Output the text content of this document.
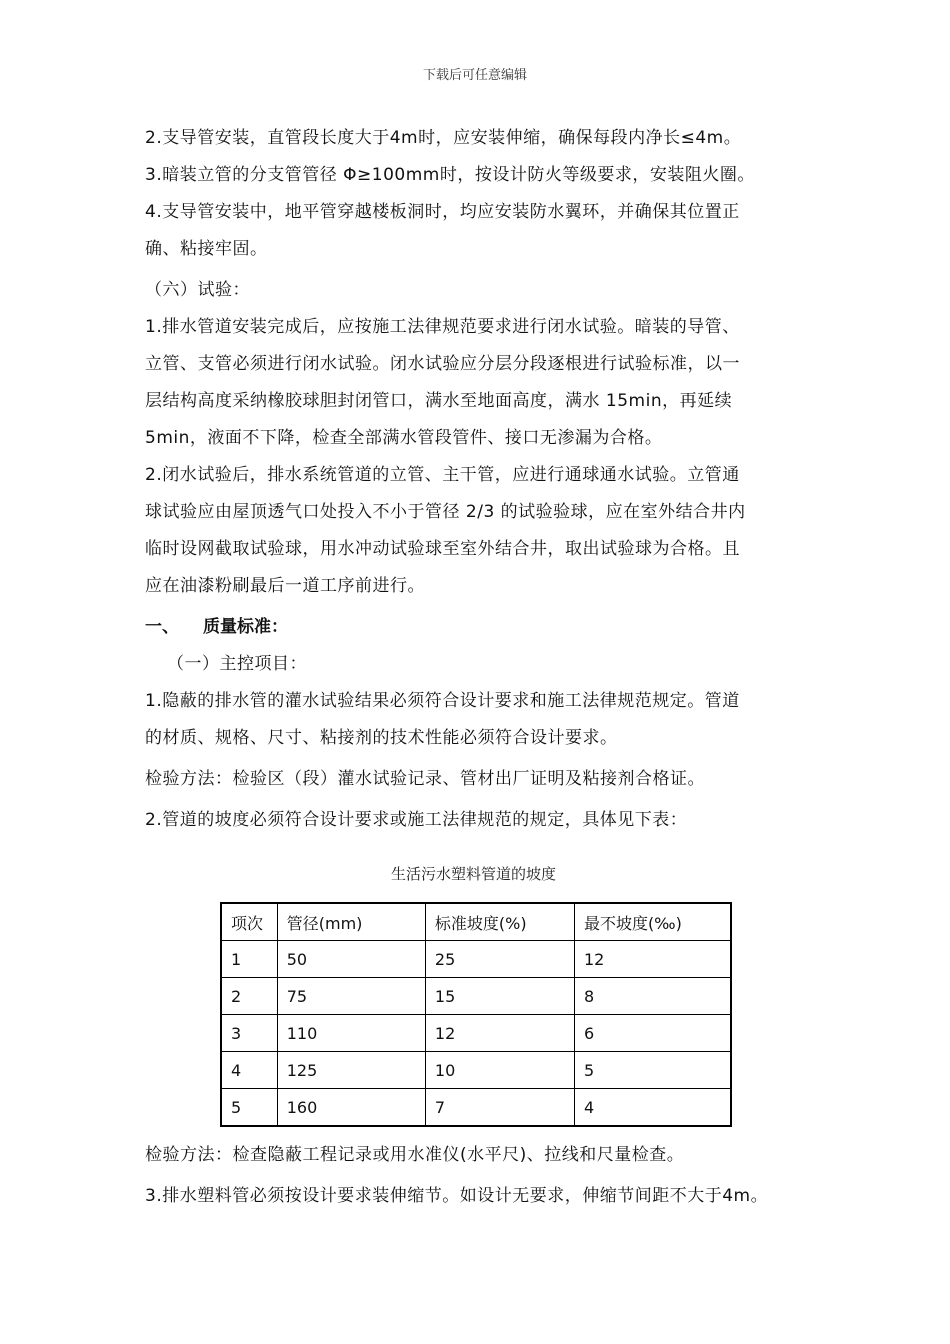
下载后可任意编辑

2.支导管安装，直管段长度大于4m时，应安装伸缩，确保每段内净长≤4m。

3.暗装立管的分支管管径 Φ≥100mm时，按设计防火等级要求，安装阻火圈。

4.支导管安装中，地平管穿越楼板洞时，均应安装防水翼环，并确保其位置正

确、粘接牢固。

（六）试验：

1.排水管道安装完成后，应按施工法律规范要求进行闭水试验。暗装的导管、

立管、支管必须进行闭水试验。闭水试验应分层分段逐根进行试验标准，以一

层结构高度采纳橡胶球胆封闭管口，满水至地面高度，满水 15min，再延续

5min，液面不下降，检查全部满水管段管件、接口无渗漏为合格。

2.闭水试验后，排水系统管道的立管、主干管，应进行通球通水试验。立管通

球试验应由屋顶透气口处投入不小于管径 2/3 的试验验球，应在室外结合井内

临时设网截取试验球，用水冲动试验球至室外结合井，取出试验球为合格。且

应在油漆粉刷最后一道工序前进行。

一、 质量标准：

（一）主控项目：

1.隐蔽的排水管的灌水试验结果必须符合设计要求和施工法律规范规定。管道

的材质、规格、尺寸、粘接剂的技术性能必须符合设计要求。

检验方法：检验区（段）灌水试验记录、管材出厂证明及粘接剂合格证。

2.管道的坡度必须符合设计要求或施工法律规范的规定，具体见下表：

生活污水塑料管道的坡度
项次	管径(mm)	标准坡度(%)	最不坡度(‰)
1	50	25	12
2	75	15	8
3	110	12	6
4	125	10	5
5	160	7	4

检验方法：检查隐蔽工程记录或用水准仪(水平尺)、拉线和尺量检查。

3.排水塑料管必须按设计要求装伸缩节。如设计无要求，伸缩节间距不大于4m。
